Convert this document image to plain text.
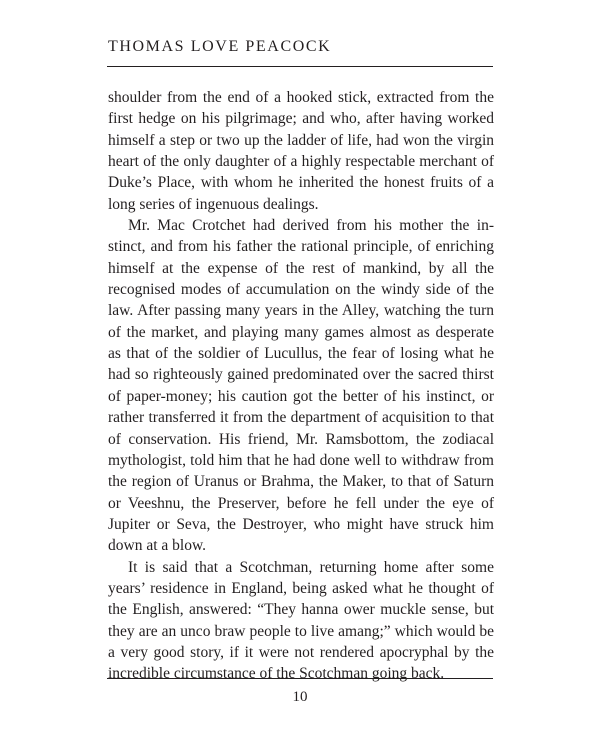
THOMAS LOVE PEACOCK

shoulder from the end of a hooked stick, extracted from the first hedge on his pilgrimage; and who, after having worked himself a step or two up the ladder of life, had won the virgin heart of the only daughter of a highly respectable merchant of Duke’s Place, with whom he inherited the honest fruits of a long series of ingenuous dealings.

Mr. Mac Crotchet had derived from his mother the instinct, and from his father the rational principle, of enriching himself at the expense of the rest of mankind, by all the recognised modes of accumulation on the windy side of the law. After passing many years in the Alley, watching the turn of the market, and playing many games almost as desperate as that of the soldier of Lucullus, the fear of losing what he had so righteously gained predominated over the sacred thirst of paper-money; his caution got the better of his instinct, or rather transferred it from the department of acquisition to that of conservation. His friend, Mr. Ramsbottom, the zodiacal mythologist, told him that he had done well to withdraw from the region of Uranus or Brahma, the Maker, to that of Saturn or Veeshnu, the Preserver, before he fell under the eye of Jupiter or Seva, the Destroyer, who might have struck him down at a blow.

It is said that a Scotchman, returning home after some years’ residence in England, being asked what he thought of the English, answered: “They hanna ower muckle sense, but they are an unco braw people to live amang;” which would be a very good story, if it were not rendered apocryphal by the incredible circumstance of the Scotchman going back.

10
